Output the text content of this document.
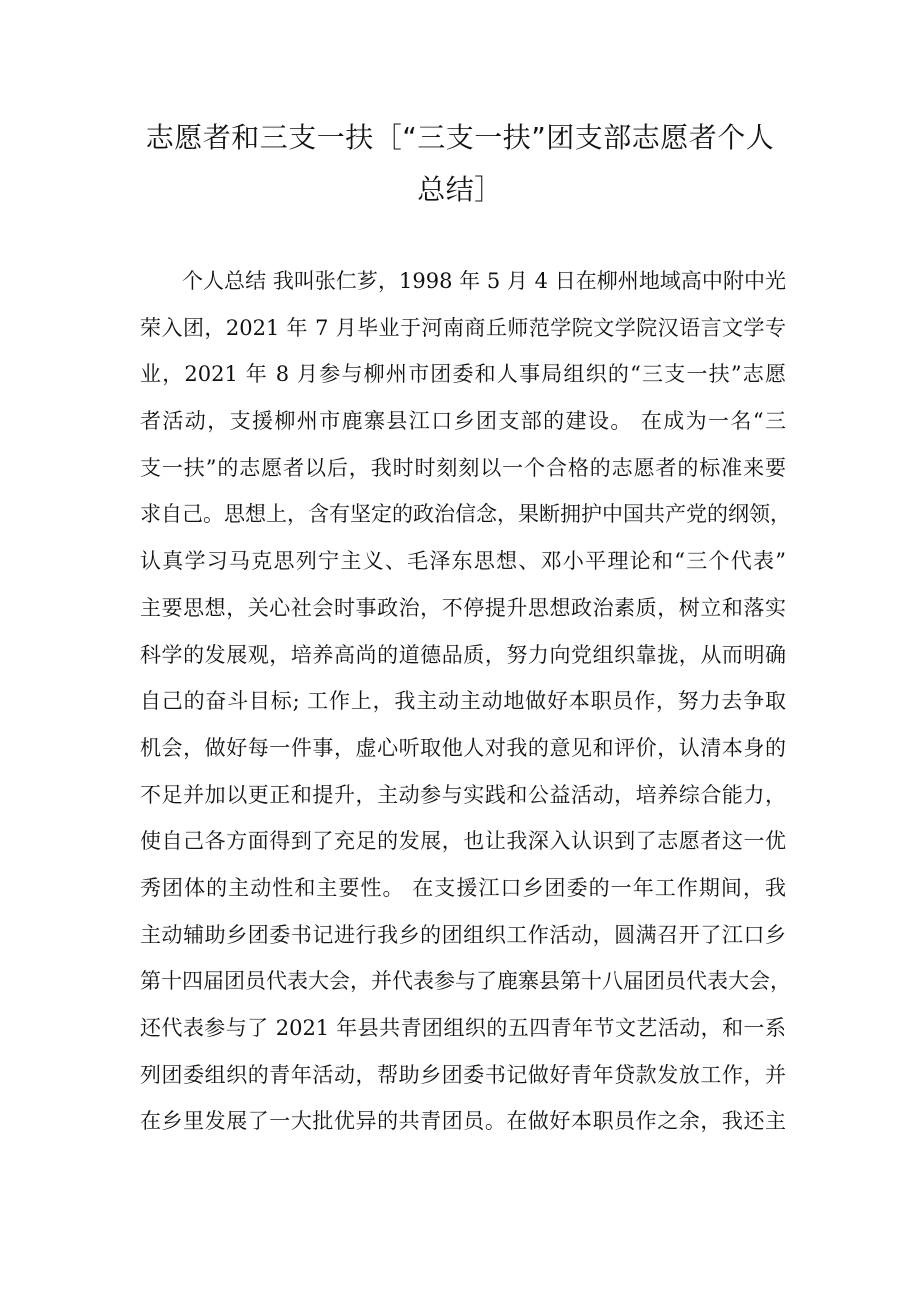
志愿者和三支一扶［“三支一扶”团支部志愿者个人
总结］
个人总结 我叫张仁芗，1998 年 5 月 4 日在柳州地域高中附中光
荣入团，2021 年 7 月毕业于河南商丘师范学院文学院汉语言文学专
业，2021 年 8 月参与柳州市团委和人事局组织的“三支一扶”志愿
者活动，支援柳州市鹿寨县江口乡团支部的建设。 在成为一名“三
支一扶”的志愿者以后，我时时刻刻以一个合格的志愿者的标准来要
求自己。思想上，含有坚定的政治信念，果断拥护中国共产党的纲领，
认真学习马克思列宁主义、毛泽东思想、邓小平理论和“三个代表”
主要思想，关心社会时事政治，不停提升思想政治素质，树立和落实
科学的发展观，培养高尚的道德品质，努力向党组织靠拢，从而明确
自己的奋斗目标; 工作上，我主动主动地做好本职员作，努力去争取
机会，做好每一件事，虚心听取他人对我的意见和评价，认清本身的
不足并加以更正和提升，主动参与实践和公益活动，培养综合能力，
使自己各方面得到了充足的发展，也让我深入认识到了志愿者这一优
秀团体的主动性和主要性。 在支援江口乡团委的一年工作期间，我
主动辅助乡团委书记进行我乡的团组织工作活动，圆满召开了江口乡
第十四届团员代表大会，并代表参与了鹿寨县第十八届团员代表大会，
还代表参与了 2021 年县共青团组织的五四青年节文艺活动，和一系
列团委组织的青年活动，帮助乡团委书记做好青年贷款发放工作，并
在乡里发展了一大批优异的共青团员。在做好本职员作之余，我还主
